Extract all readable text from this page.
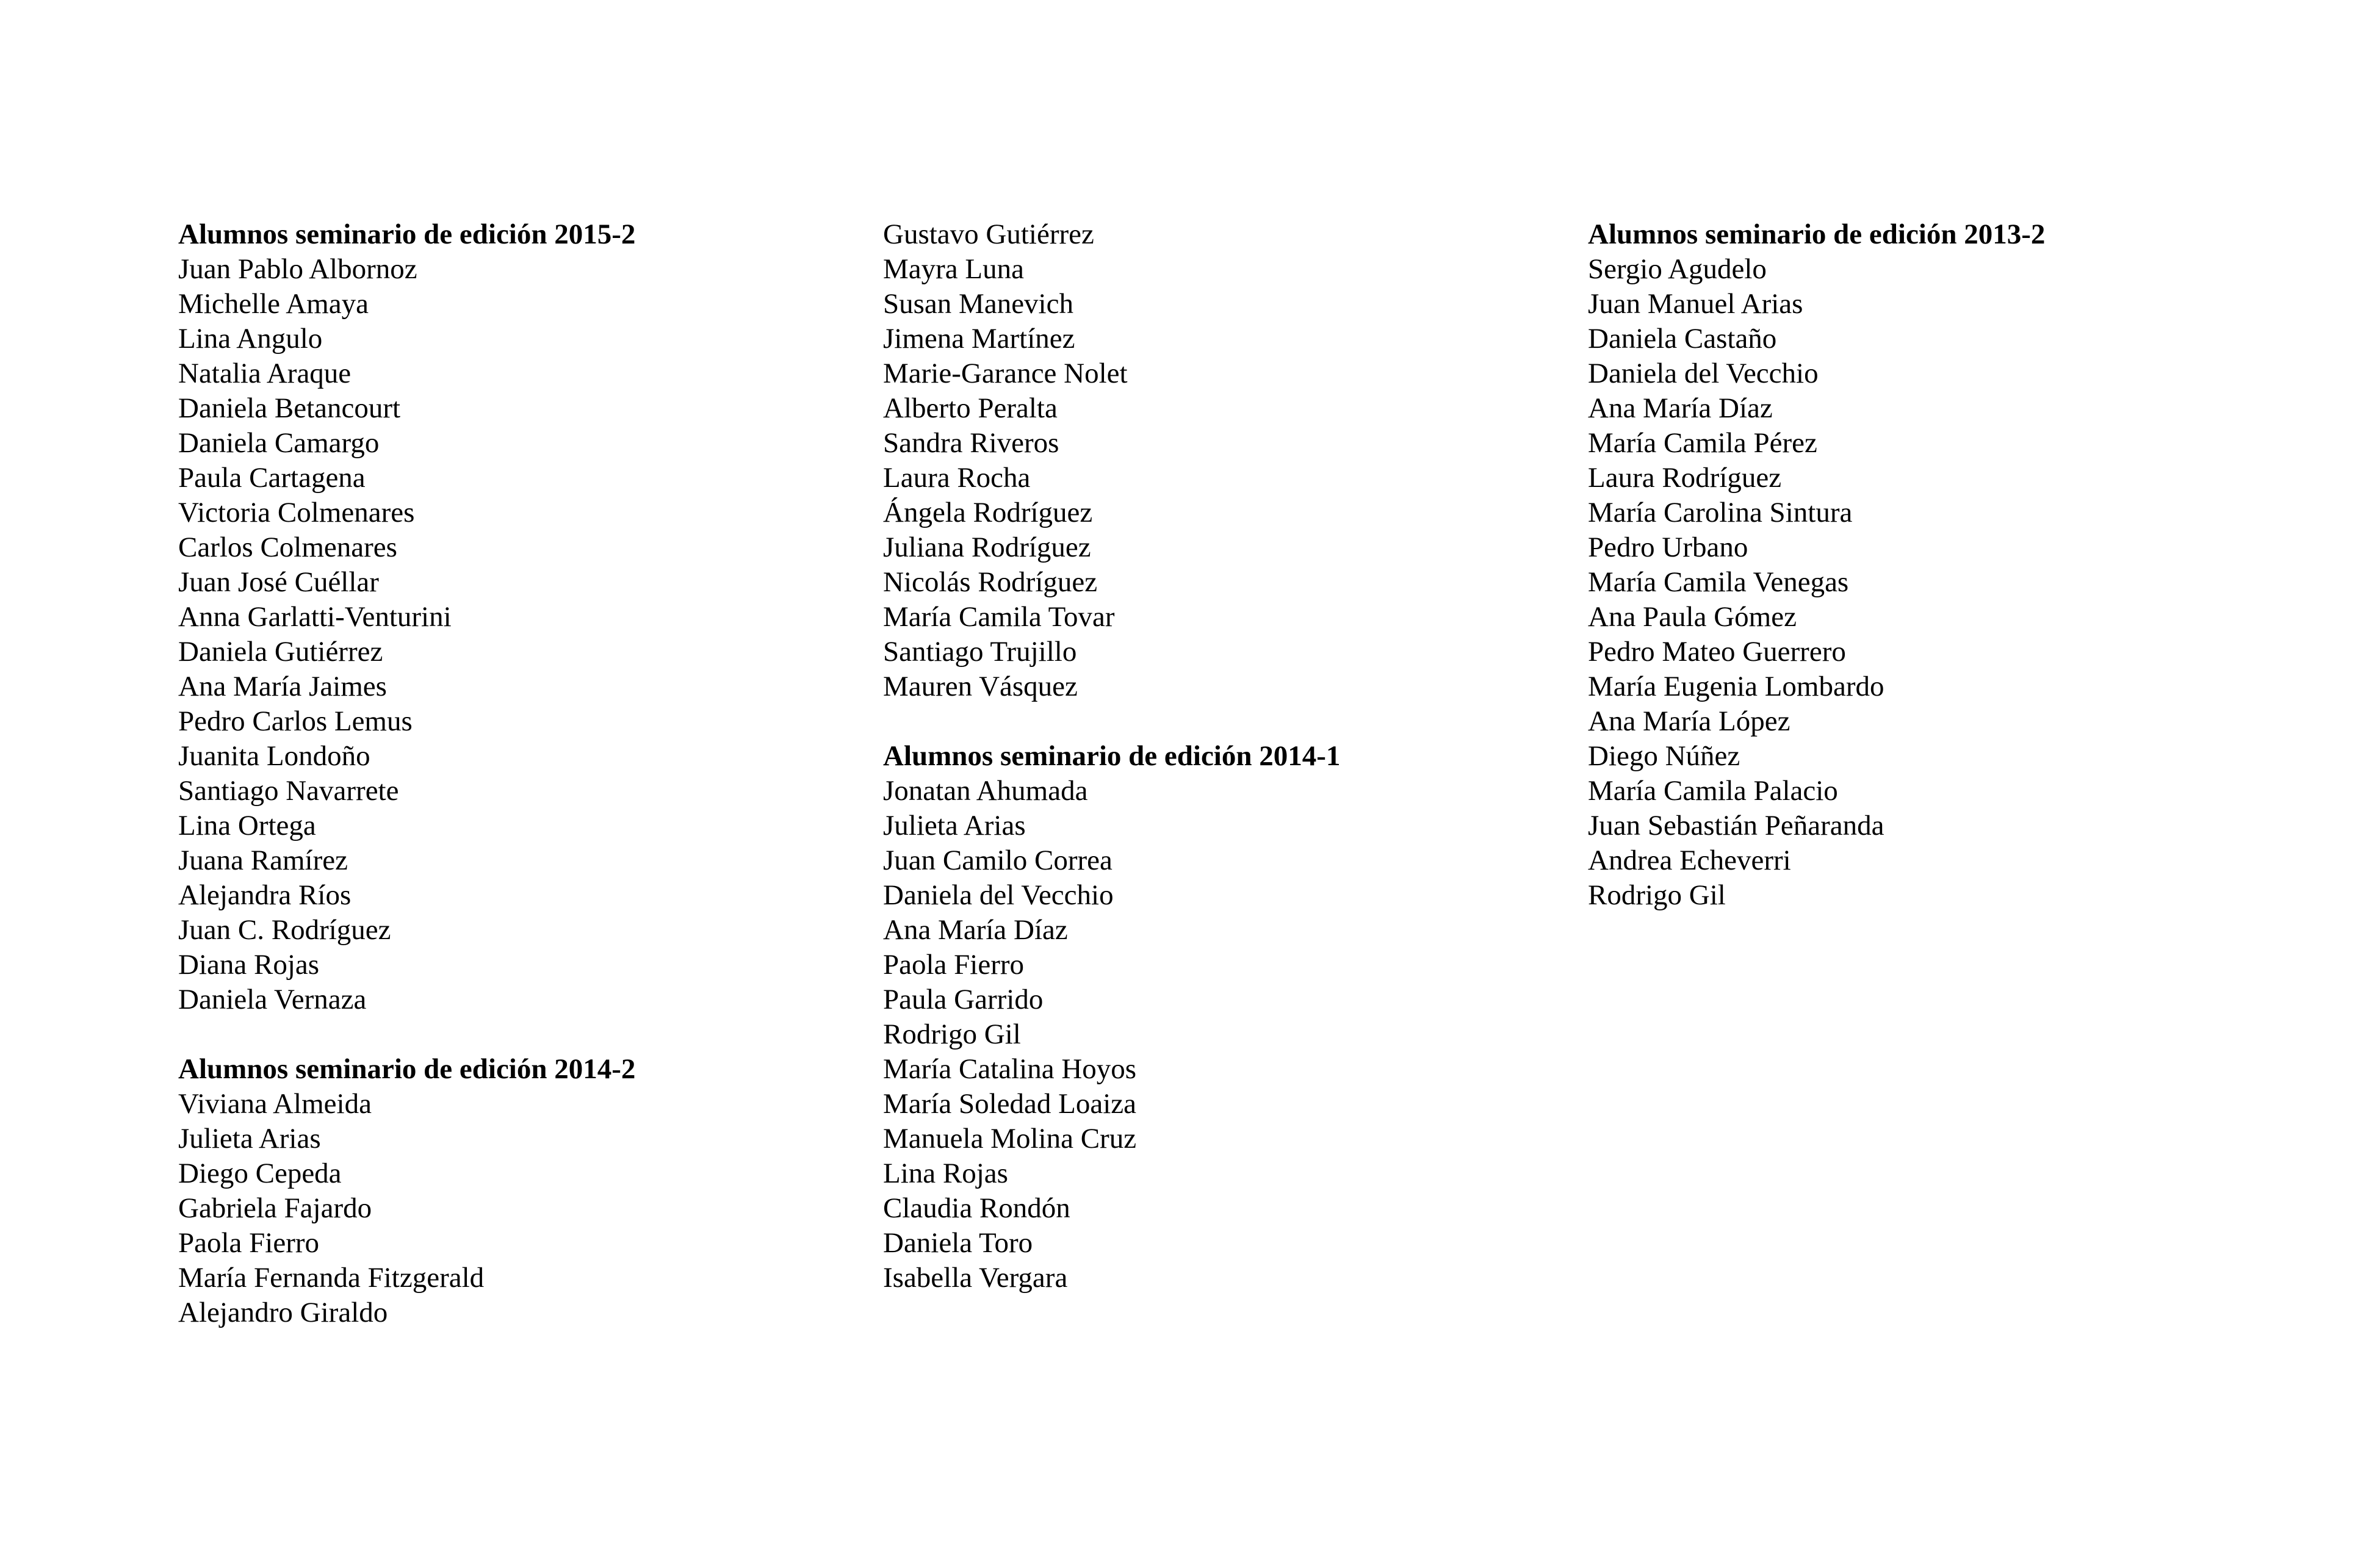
Alumnos seminario de edición 2015-2
Juan Pablo Albornoz
Michelle Amaya
Lina Angulo
Natalia Araque
Daniela Betancourt
Daniela Camargo
Paula Cartagena
Victoria Colmenares
Carlos Colmenares
Juan José Cuéllar
Anna Garlatti-Venturini
Daniela Gutiérrez
Ana María Jaimes
Pedro Carlos Lemus
Juanita Londoño
Santiago Navarrete
Lina Ortega
Juana Ramírez
Alejandra Ríos
Juan C. Rodríguez
Diana Rojas
Daniela Vernaza
Alumnos seminario de edición 2014-2
Viviana Almeida
Julieta Arias
Diego Cepeda
Gabriela Fajardo
Paola Fierro
María Fernanda Fitzgerald
Alejandro Giraldo
Gustavo Gutiérrez
Mayra Luna
Susan Manevich
Jimena Martínez
Marie-Garance Nolet
Alberto Peralta
Sandra Riveros
Laura Rocha
Ángela Rodríguez
Juliana Rodríguez
Nicolás Rodríguez
María Camila Tovar
Santiago Trujillo
Mauren Vásquez
Alumnos seminario de edición 2014-1
Jonatan Ahumada
Julieta Arias
Juan Camilo Correa
Daniela del Vecchio
Ana María Díaz
Paola Fierro
Paula Garrido
Rodrigo Gil
María Catalina Hoyos
María Soledad Loaiza
Manuela Molina Cruz
Lina Rojas
Claudia Rondón
Daniela Toro
Isabella Vergara
Alumnos seminario de edición 2013-2
Sergio Agudelo
Juan Manuel Arias
Daniela Castaño
Daniela del Vecchio
Ana María Díaz
María Camila Pérez
Laura Rodríguez
María Carolina Sintura
Pedro Urbano
María Camila Venegas
Ana Paula Gómez
Pedro Mateo Guerrero
María Eugenia Lombardo
Ana María López
Diego Núñez
María Camila Palacio
Juan Sebastián Peñaranda
Andrea Echeverri
Rodrigo Gil
